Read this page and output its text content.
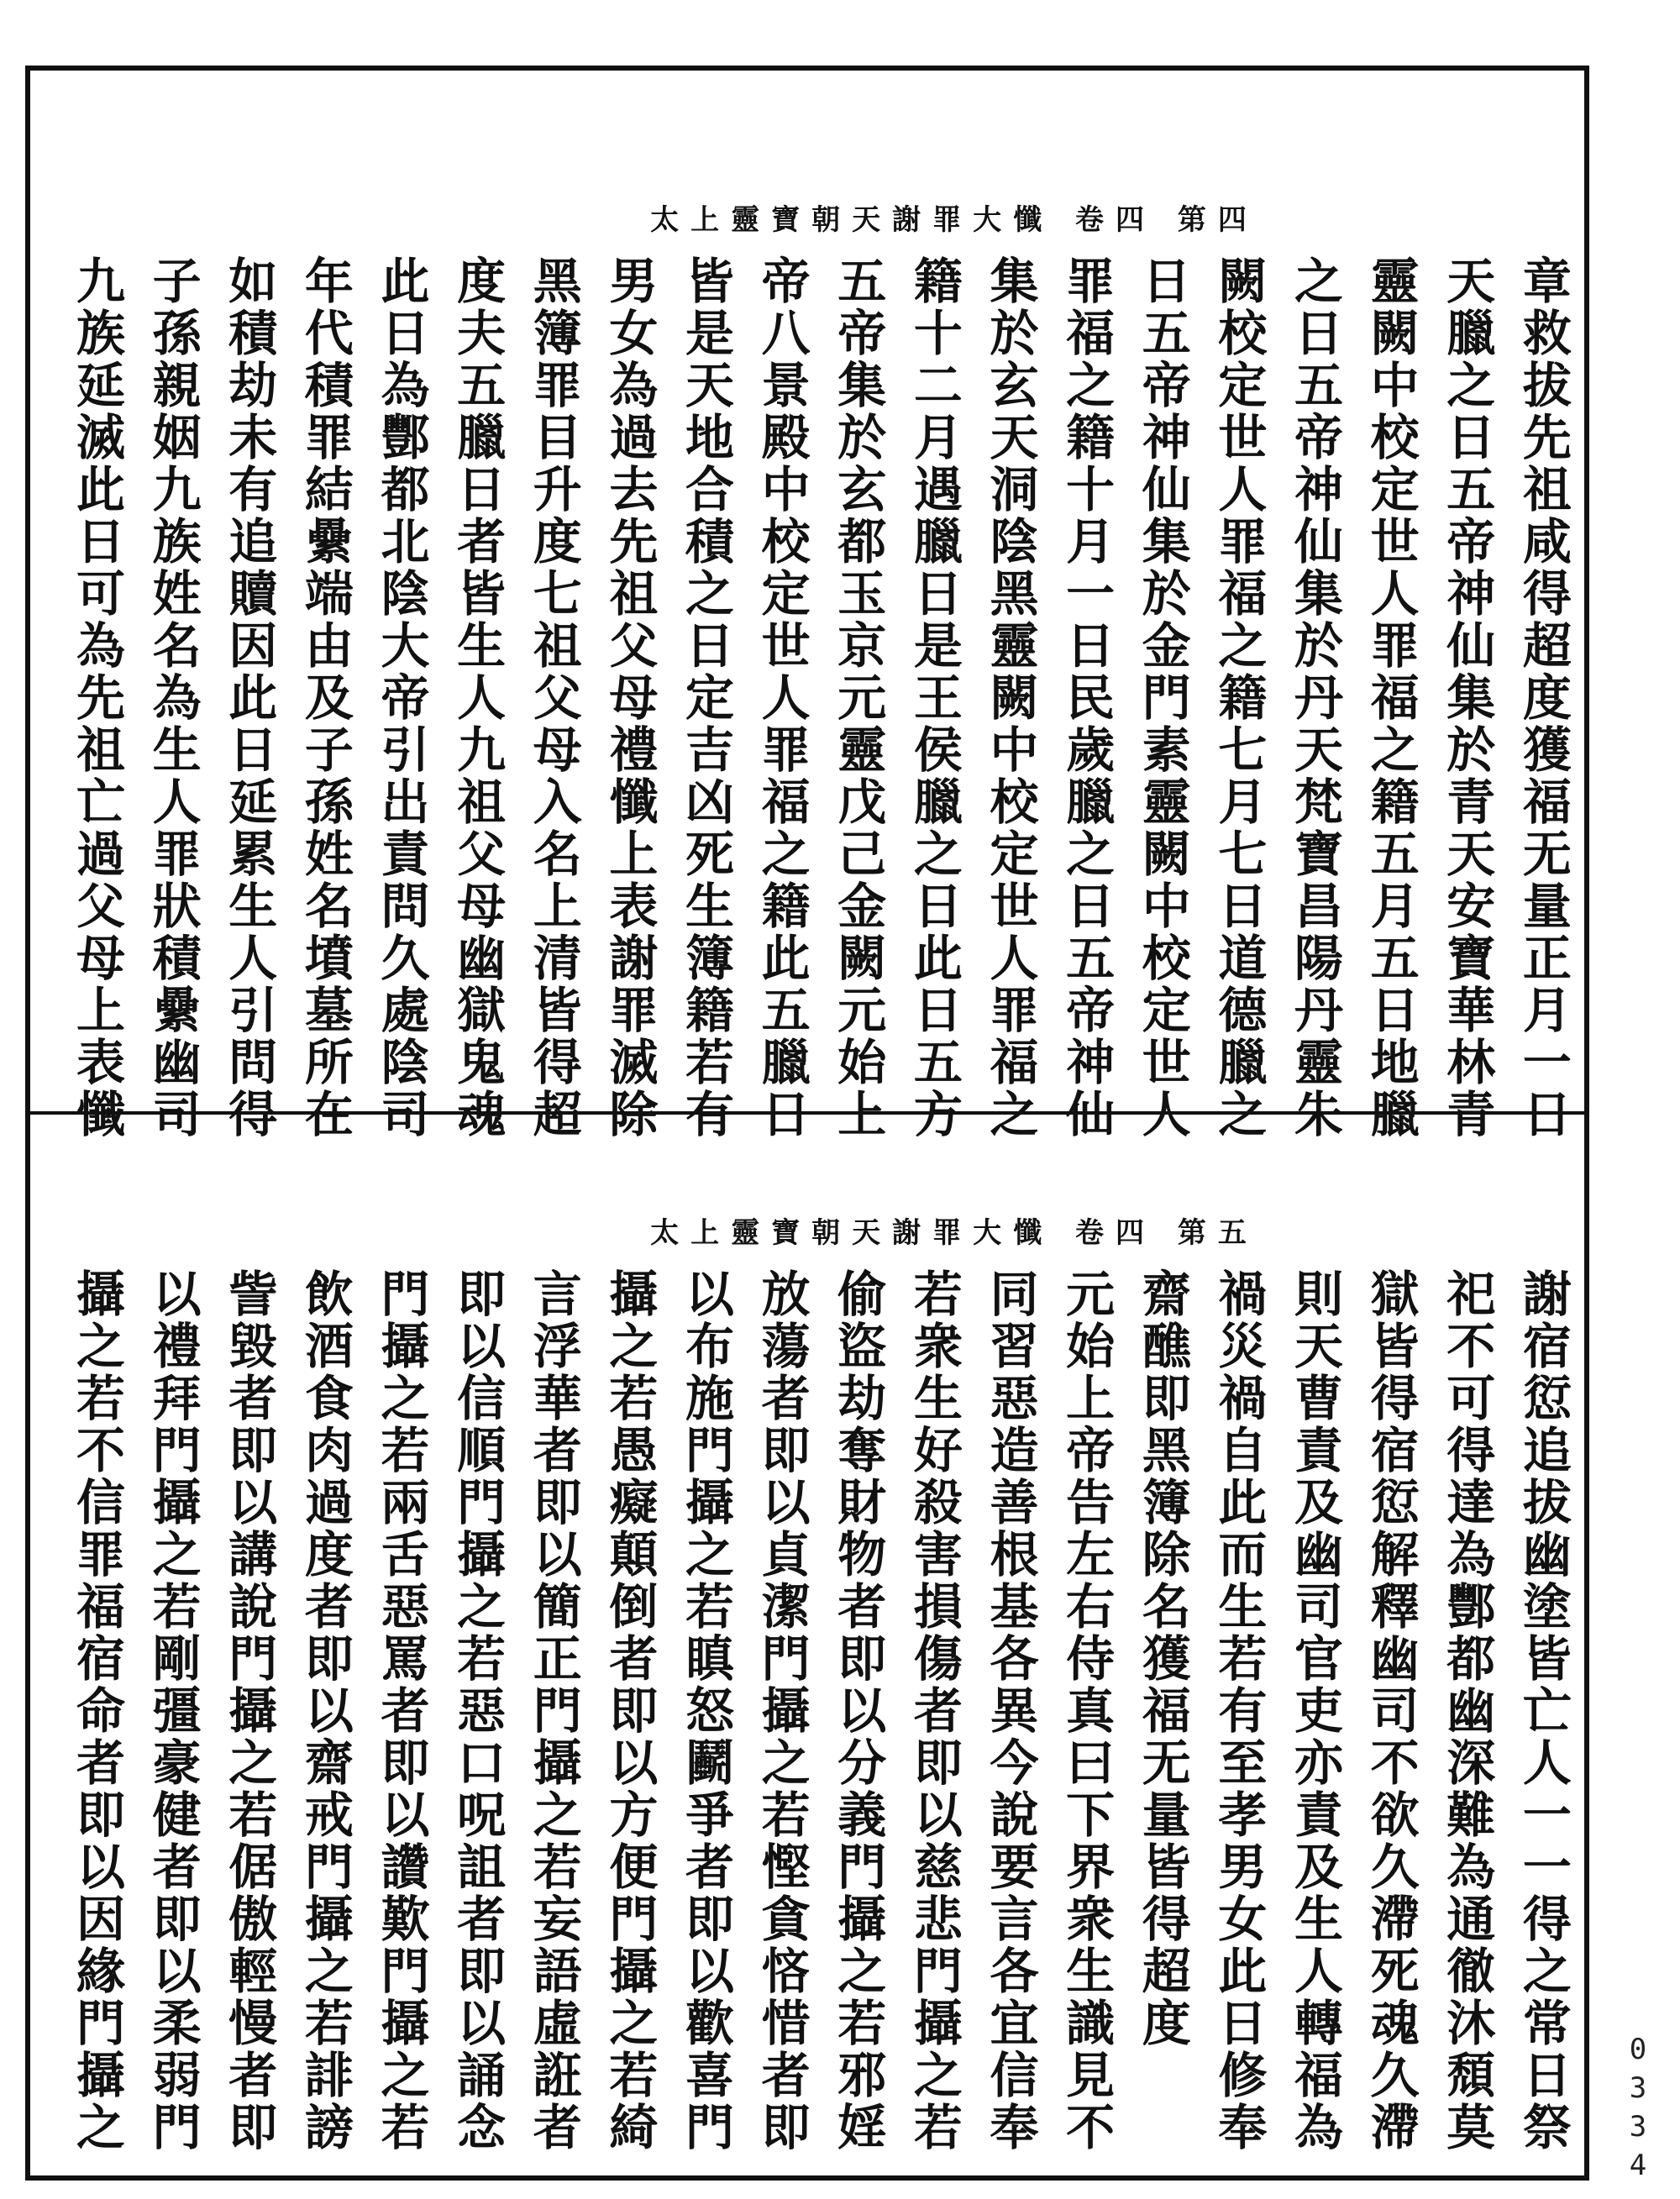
太上靈寶朝天謝罪大懺 卷四 第四
章救拔先祖咸得超度獲福无量正月一日
天臘之日五帝神仙集於青天安寶華林青
靈闕中校定世人罪福之籍五月五日地臘
之日五帝神仙集於丹天梵寶昌陽丹靈朱
闕校定世人罪福之籍七月七日道德臘之
日五帝神仙集於金門素靈闕中校定世人
罪福之籍十月一日民歲臘之日五帝神仙
集於玄天洞陰黑靈闕中校定世人罪福之
籍十二月遇臘日是王侯臘之日此日五方
五帝集於玄都玉京元靈戊己金闕元始上
帝八景殿中校定世人罪福之籍此五臘日
皆是天地合積之日定吉凶死生簿籍若有
男女為過去先祖父母禮懺上表謝罪滅除
黑簿罪目升度七祖父母入名上清皆得超
度夫五臘日者皆生人九祖父母幽獄鬼魂
此日為酆都北陰大帝引出責問久處陰司
年代積罪結纍端由及子孫姓名墳墓所在
如積劫未有追贖因此日延累生人引問得
子孫親姻九族姓名為生人罪狀積纍幽司
九族延滅此日可為先祖亡過父母上表懺
太上靈寶朝天謝罪大懺 卷四 第五
謝宿愆追拔幽塗皆亡人一一得之常日祭
祀不可得達為酆都幽深難為通徹沐頹莫
獄皆得宿愆解釋幽司不欲久滯死魂久滯
則天曹責及幽司官吏亦責及生人轉福為
禍災禍自此而生若有至孝男女此日修奉
齋醮即黑簿除名獲福无量皆得超度
元始上帝告左右侍真曰下界衆生識見不
同習惡造善根基各異今說要言各宜信奉
若衆生好殺害損傷者即以慈悲門攝之若
偷盜劫奪財物者即以分義門攝之若邪婬
放蕩者即以貞潔門攝之若慳貪悋惜者即
以布施門攝之若瞋怒鬬爭者即以歡喜門
攝之若愚癡顛倒者即以方便門攝之若綺
言浮華者即以簡正門攝之若妄語虛誑者
即以信順門攝之若惡口呪詛者即以誦念
門攝之若兩舌惡罵者即以讚歎門攝之若
飲酒食肉過度者即以齋戒門攝之若誹謗
訾毀者即以講說門攝之若倨傲輕慢者即
以禮拜門攝之若剛彊豪健者即以柔弱門
攝之若不信罪福宿命者即以因緣門攝之	0334
